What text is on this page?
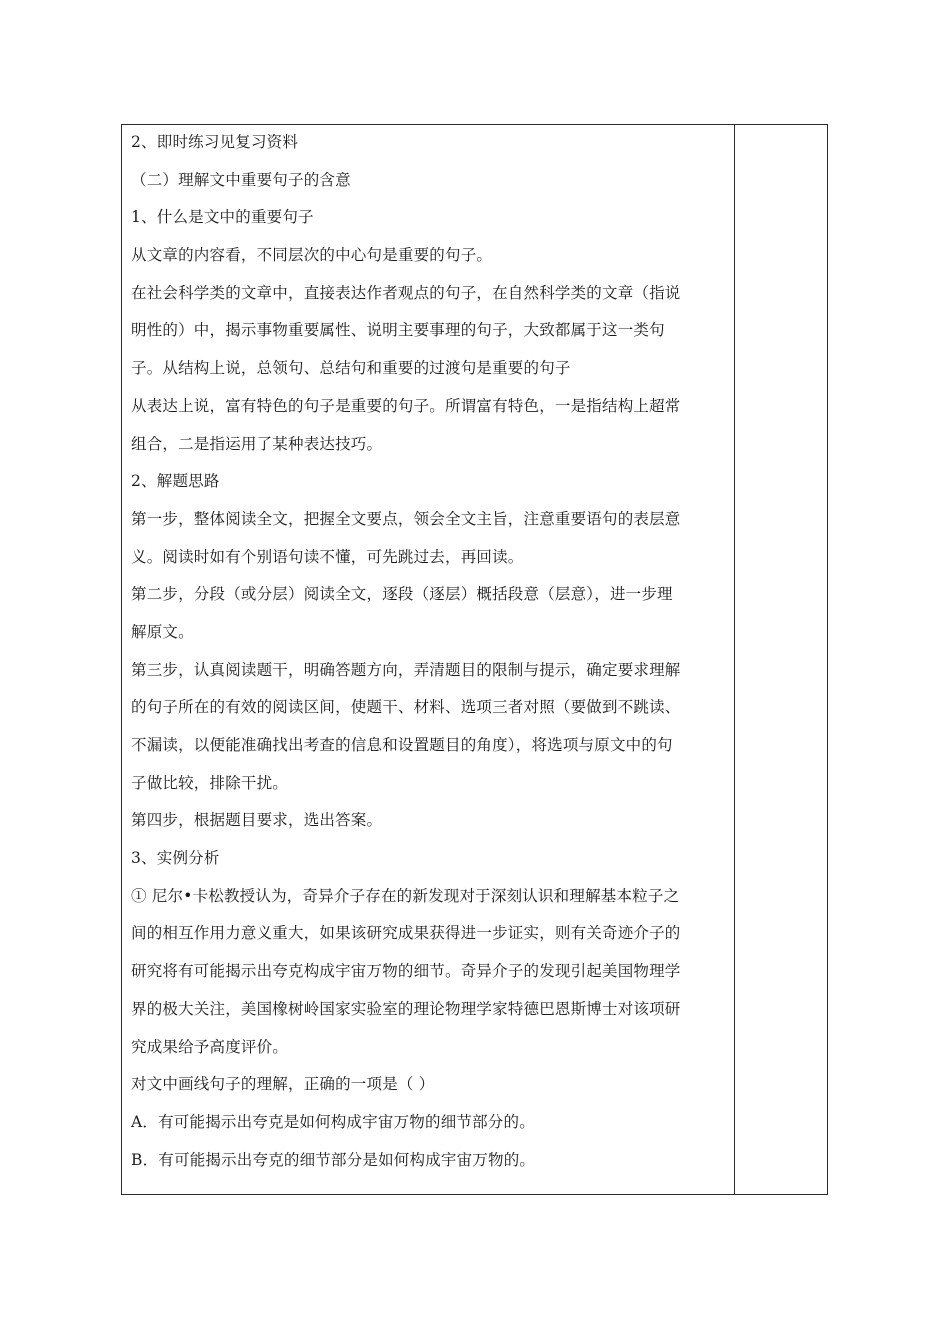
2、即时练习见复习资料
（二）理解文中重要句子的含意
1、什么是文中的重要句子
从文章的内容看，不同层次的中心句是重要的句子。
在社会科学类的文章中，直接表达作者观点的句子，在自然科学类的文章（指说
明性的）中，揭示事物重要属性、说明主要事理的句子，大致都属于这一类句
子。从结构上说，总领句、总结句和重要的过渡句是重要的句子
从表达上说，富有特色的句子是重要的句子。所谓富有特色，一是指结构上超常
组合，二是指运用了某种表达技巧。
2、解题思路
第一步，整体阅读全文，把握全文要点，领会全文主旨，注意重要语句的表层意
义。阅读时如有个别语句读不懂，可先跳过去，再回读。
第二步，分段（或分层）阅读全文，逐段（逐层）概括段意（层意），进一步理
解原文。
第三步，认真阅读题干，明确答题方向，弄清题目的限制与提示，确定要求理解
的句子所在的有效的阅读区间，使题干、材料、选项三者对照（要做到不跳读、
不漏读，以便能准确找出考查的信息和设置题目的角度），将选项与原文中的句
子做比较，排除干扰。
第四步，根据题目要求，选出答案。
3、实例分析
① 尼尔•卡松教授认为，奇异介子存在的新发现对于深刻认识和理解基本粒子之
间的相互作用力意义重大，如果该研究成果获得进一步证实，则有关奇迹介子的
研究将有可能揭示出夸克构成宇宙万物的细节。奇异介子的发现引起美国物理学
界的极大关注，美国橡树岭国家实验室的理论物理学家特德巴恩斯博士对该项研
究成果给予高度评价。
对文中画线句子的理解，正确的一项是（ ）
A．有可能揭示出夸克是如何构成宇宙万物的细节部分的。
B．有可能揭示出夸克的细节部分是如何构成宇宙万物的。
